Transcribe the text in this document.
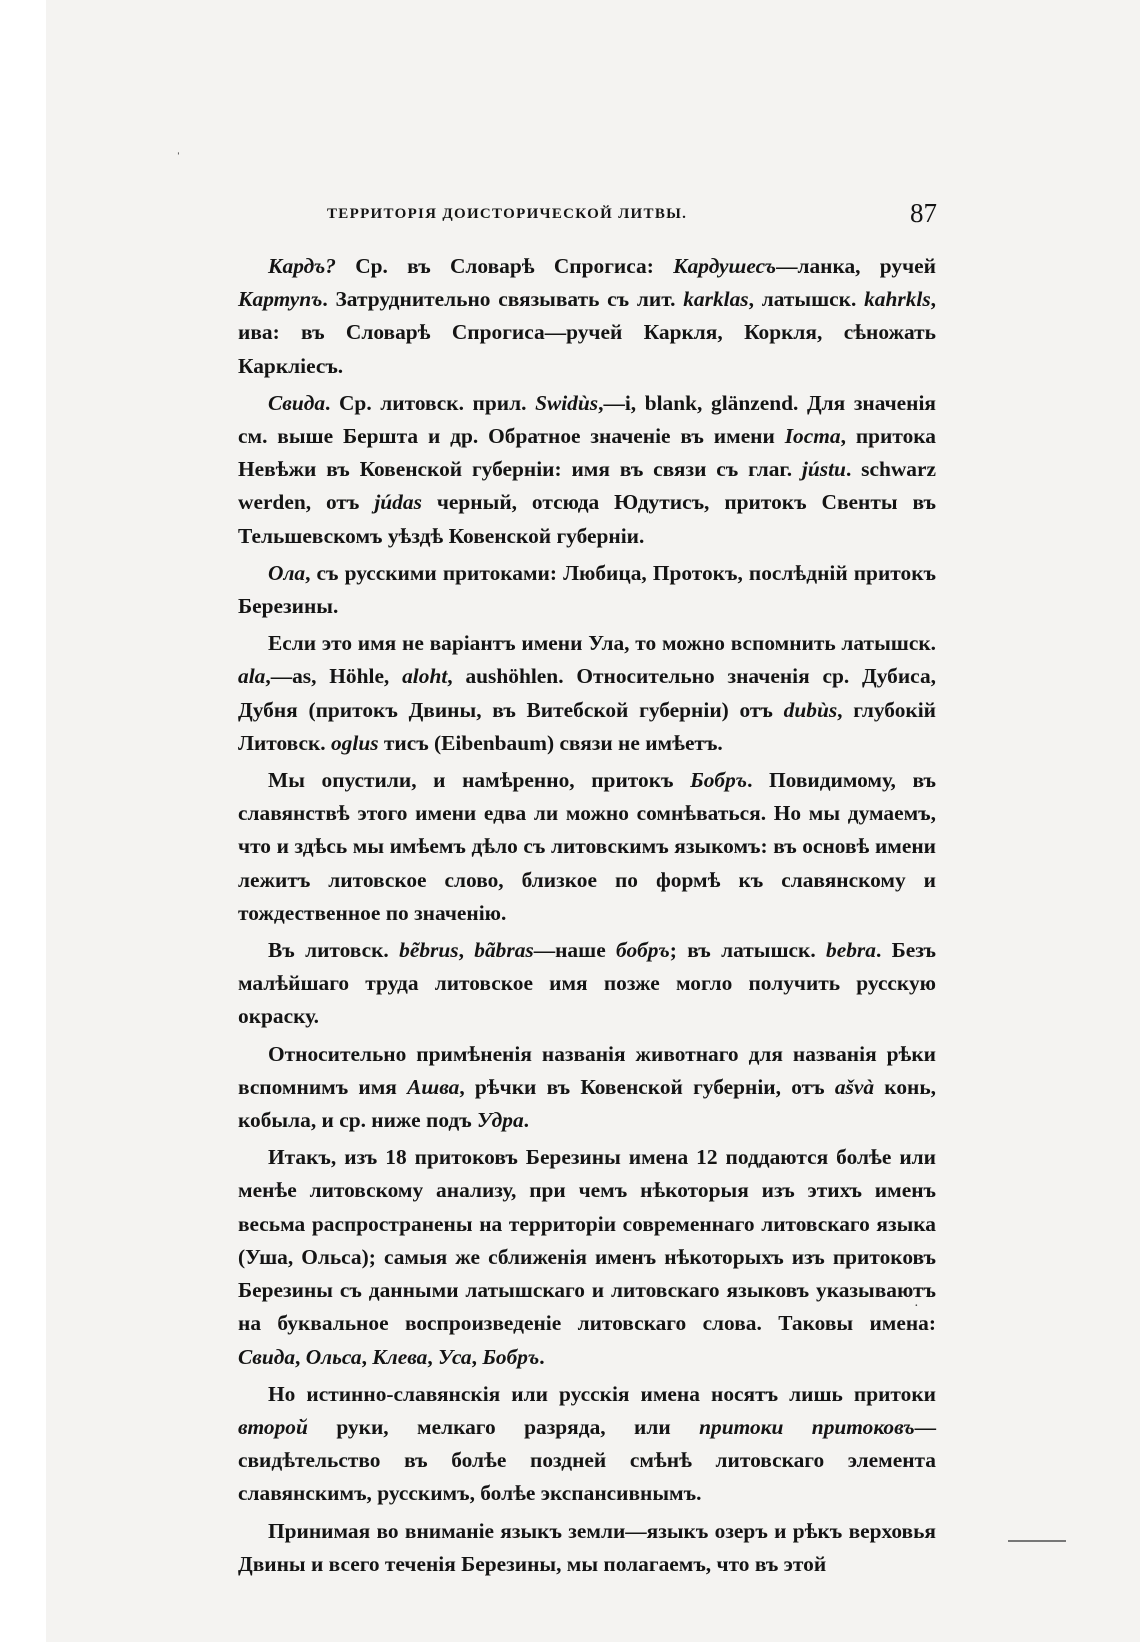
ˈ
ТЕРРИТОРІЯ ДОИСТОРИЧЕСКОЙ ЛИТВЫ.	87

Кардъ? Ср. въ Словарѣ Спрогиса: Кардушесъ—ланка, ручей Картупъ. Затруднительно связывать съ лит. karklas, латышск. kahrkls, ива: въ Словарѣ Спрогиса—ручей Каркля, Коркля, сѣножать Каркліесъ.

Свида. Ср. литовск. прил. Swidùs,—i, blank, glänzend. Для значенія см. выше Бершта и др. Обратное значеніе въ имени Іоста, притока Невѣжи въ Ковенской губерніи: имя въ связи съ глаг. jústu. schwarz werden, отъ júdas черный, отсюда Юдутисъ, притокъ Свенты въ Тельшевскомъ уѣздѣ Ковенской губерніи.

Ола, съ русскими притоками: Любица, Протокъ, послѣдній притокъ Березины.

Если это имя не варіантъ имени Ула, то можно вспомнить латышск. ala,—as, Höhle, aloht, aushöhlen. Относительно значенія ср. Дубиса, Дубня (притокъ Двины, въ Витебской губерніи) отъ dubùs, глубокій Литовск. oglus тисъ (Eibenbaum) связи не имѣетъ.

Мы опустили, и намѣренно, притокъ Бобръ. Повидимому, въ славянствѣ этого имени едва ли можно сомнѣваться. Но мы думаемъ, что и здѣсь мы имѣемъ дѣло съ литовскимъ языкомъ: въ основѣ имени лежитъ литовское слово, близкое по формѣ къ славянскому и тождественное по значенію.

Въ литовск. bẽbrus, bãbras—наше бобръ; въ латышск. bebra. Безъ малѣйшаго труда литовское имя позже могло получить русскую окраску.

Относительно примѣненія названія животнаго для названія рѣки вспомнимъ имя Ашва, рѣчки въ Ковенской губерніи, отъ ašvà конь, кобыла, и ср. ниже подъ Удра.

Итакъ, изъ 18 притоковъ Березины имена 12 поддаются болѣе или менѣе литовскому анализу, при чемъ нѣкоторыя изъ этихъ именъ весьма распространены на территоріи современнаго литовскаго языка (Уша, Ольса); самыя же сближенія именъ нѣкоторыхъ изъ притоковъ Березины съ данными латышскаго и литовскаго языковъ указываютъ на буквальное воспроизведеніе литовскаго слова. Таковы имена: Свида, Ольса, Клева, Уса, Бобръ.

Но истинно-славянскія или русскія имена носятъ лишь притоки второй руки, мелкаго разряда, или притоки притоковъ—свидѣтельство въ болѣе поздней смѣнѣ литовскаго элемента славянскимъ, русскимъ, болѣе экспансивнымъ.

Принимая во вниманіе языкъ земли—языкъ озеръ и рѣкъ верховья Двины и всего теченія Березины, мы полагаемъ, что въ этой

·
